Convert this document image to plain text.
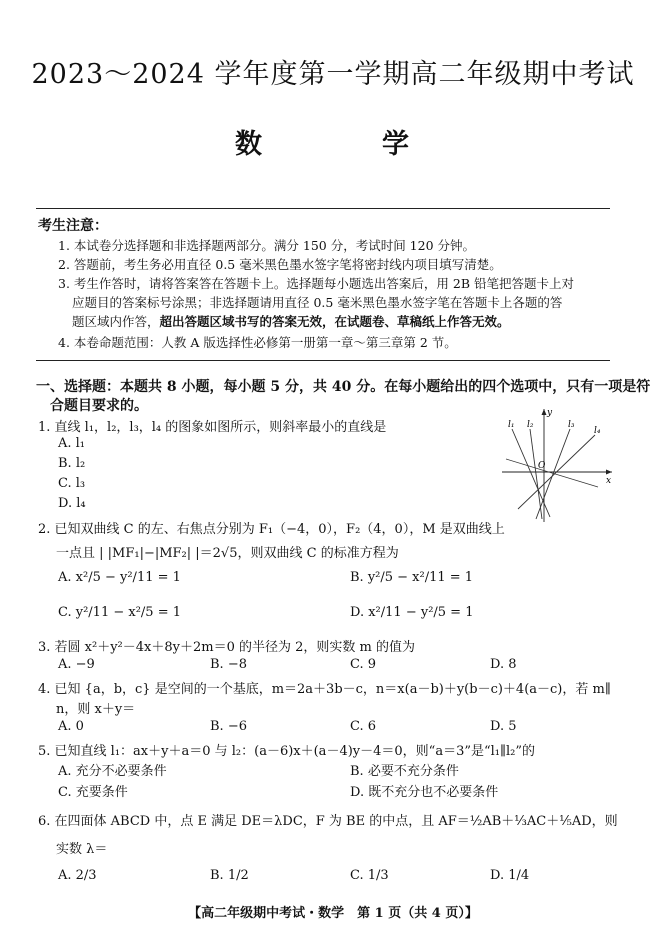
2023～2024 学年度第一学期高二年级期中考试
数　　学
考生注意：
1. 本试卷分选择题和非选择题两部分。满分 150 分，考试时间 120 分钟。
2. 答题前，考生务必用直径 0.5 毫米黑色墨水签字笔将密封线内项目填写清楚。
3. 考生作答时，请将答案答在答题卡上。选择题每小题选出答案后，用 2B 铅笔把答题卡上对
应题目的答案标号涂黑；非选择题请用直径 0.5 毫米黑色墨水签字笔在答题卡上各题的答
题区域内作答，超出答题区域书写的答案无效，在试题卷、草稿纸上作答无效。
4. 本卷命题范围：人教 A 版选择性必修第一册第一章～第三章第 2 节。
一、选择题：本题共 8 小题，每小题 5 分，共 40 分。在每小题给出的四个选项中，只有一项是符
合题目要求的。
1. 直线 l₁，l₂，l₃，l₄ 的图象如图所示，则斜率最小的直线是
A. l₁
B. l₂
C. l₃
D. l₄
l₁ l₂	l₃
l₄
y
x
O
2. 已知双曲线 C 的左、右焦点分别为 F₁（−4，0），F₂（4，0），M 是双曲线上
一点且 | |MF₁|−|MF₂| |＝2√5，则双曲线 C 的标准方程为
A. x²/5 − y²/11 = 1	B. y²/5 − x²/11 = 1
C. y²/11 − x²/5 = 1	D. x²/11 − y²/5 = 1
3. 若圆 x²＋y²－4x＋8y＋2m＝0 的半径为 2，则实数 m 的值为
A. −9	B. −8	C. 9	D. 8
4. 已知 {a，b，c} 是空间的一个基底，m＝2a＋3b－c，n＝x(a－b)＋y(b－c)＋4(a－c)，若 m∥
n，则 x＋y＝
A. 0	B. −6	C. 6	D. 5
5. 已知直线 l₁：ax＋y＋a＝0 与 l₂：(a－6)x＋(a－4)y－4＝0，则“a＝3”是“l₁∥l₂”的
A. 充分不必要条件	B. 必要不充分条件
C. 充要条件	D. 既不充分也不必要条件
6. 在四面体 ABCD 中，点 E 满足 DE＝λDC，F 为 BE 的中点，且 AF＝½AB＋⅓AC＋⅕AD，则
实数 λ＝
A. 2/3	B. 1/2	C. 1/3	D. 1/4
【高二年级期中考试・数学　第 1 页（共 4 页）】
